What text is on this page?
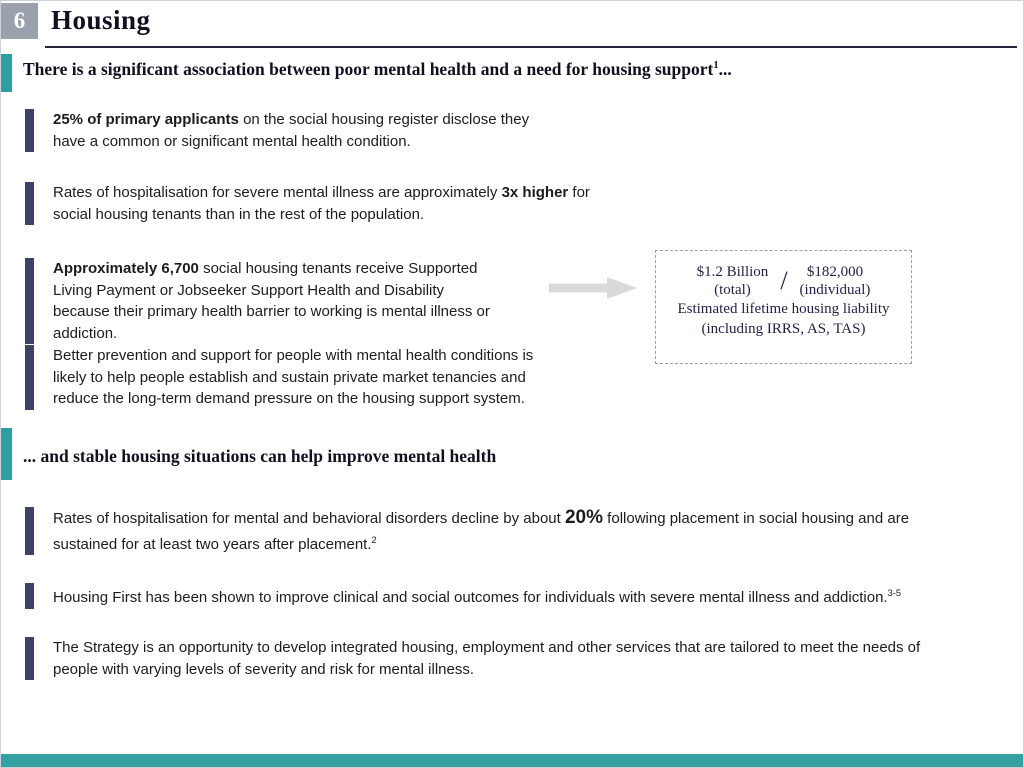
6 Housing
There is a significant association between poor mental health and a need for housing support$^1$...

25% of primary applicants on the social housing register disclose they have a common or significant mental health condition.

Rates of hospitalisation for severe mental illness are approximately 3x higher for social housing tenants than in the rest of the population.

Approximately 6,700 social housing tenants receive Supported Living Payment or Jobseeker Support Health and Disability because their primary health barrier to working is mental illness or addiction.

Better prevention and support for people with mental health conditions is likely to help people establish and sustain private market tenancies and reduce the long-term demand pressure on the housing support system.

$1.2 Billion
(total)	/	$182,000
(individual)
Estimated lifetime housing liability
(including IRRS, AS, TAS)
... and stable housing situations can help improve mental health

Rates of hospitalisation for mental and behavioral disorders decline by about 20% following placement in social housing and are sustained for at least two years after placement.$^2$

Housing First has been shown to improve clinical and social outcomes for individuals with severe mental illness and addiction.$^{3-5}$

The Strategy is an opportunity to develop integrated housing, employment and other services that are tailored to meet the needs of people with varying levels of severity and risk for mental illness.
